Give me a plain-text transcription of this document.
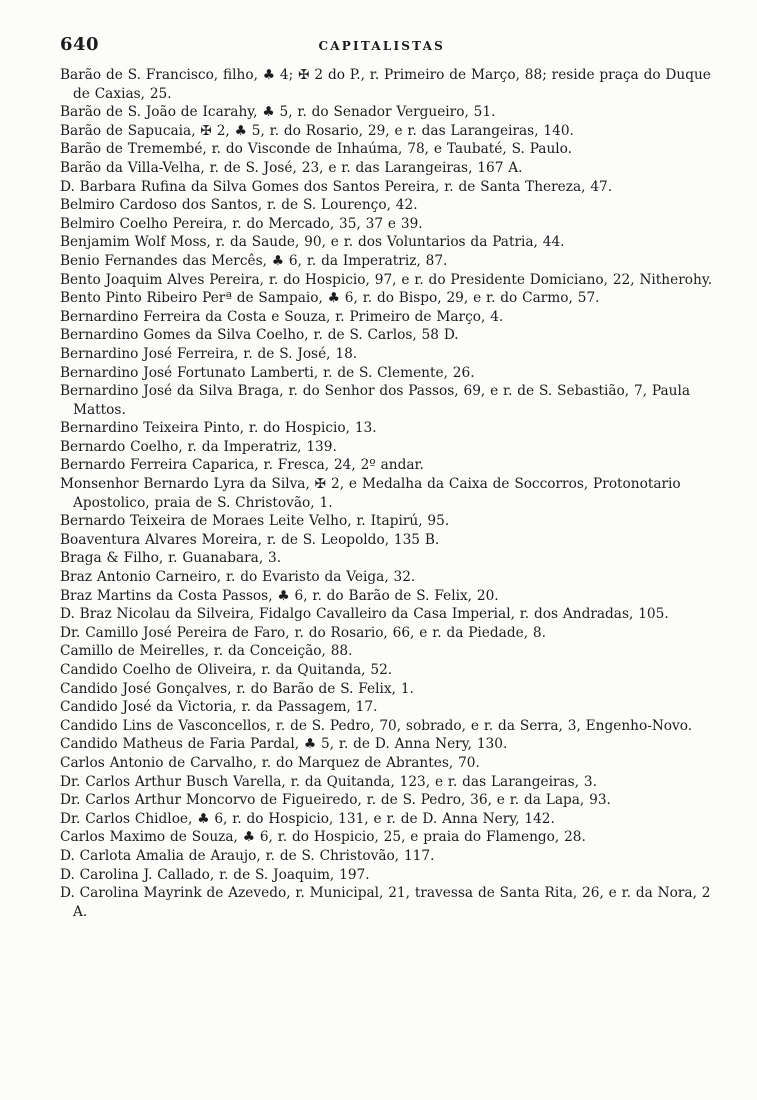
640	CAPITALISTAS
Barão de S. Francisco, filho, ♣ 4; ✠ 2 do P., r. Primeiro de Março, 88; reside praça do Duque de Caxias, 25.
Barão de S. João de Icarahy, ♣ 5, r. do Senador Vergueiro, 51.
Barão de Sapucaia, ✠ 2, ♣ 5, r. do Rosario, 29, e r. das Larangeiras, 140.
Barão de Tremembé, r. do Visconde de Inhaúma, 78, e Taubaté, S. Paulo.
Barão da Villa-Velha, r. de S. José, 23, e r. das Larangeiras, 167 A.
D. Barbara Rufina da Silva Gomes dos Santos Pereira, r. de Santa Thereza, 47.
Belmiro Cardoso dos Santos, r. de S. Lourenço, 42.
Belmiro Coelho Pereira, r. do Mercado, 35, 37 e 39.
Benjamim Wolf Moss, r. da Saude, 90, e r. dos Voluntarios da Patria, 44.
Benio Fernandes das Mercês, ♣ 6, r. da Imperatriz, 87.
Bento Joaquim Alves Pereira, r. do Hospicio, 97, e r. do Presidente Domiciano, 22, Nitherohy.
Bento Pinto Ribeiro Perª de Sampaio, ♣ 6, r. do Bispo, 29, e r. do Carmo, 57.
Bernardino Ferreira da Costa e Souza, r. Primeiro de Março, 4.
Bernardino Gomes da Silva Coelho, r. de S. Carlos, 58 D.
Bernardino José Ferreira, r. de S. José, 18.
Bernardino José Fortunato Lamberti, r. de S. Clemente, 26.
Bernardino José da Silva Braga, r. do Senhor dos Passos, 69, e r. de S. Sebastião, 7, Paula Mattos.
Bernardino Teixeira Pinto, r. do Hospicio, 13.
Bernardo Coelho, r. da Imperatriz, 139.
Bernardo Ferreira Caparica, r. Fresca, 24, 2º andar.
Monsenhor Bernardo Lyra da Silva, ✠ 2, e Medalha da Caixa de Soccorros, Protonotario Apostolico, praia de S. Christovão, 1.
Bernardo Teixeira de Moraes Leite Velho, r. Itapirú, 95.
Boaventura Alvares Moreira, r. de S. Leopoldo, 135 B.
Braga & Filho, r. Guanabara, 3.
Braz Antonio Carneiro, r. do Evaristo da Veiga, 32.
Braz Martins da Costa Passos, ♣ 6, r. do Barão de S. Felix, 20.
D. Braz Nicolau da Silveira, Fidalgo Cavalleiro da Casa Imperial, r. dos Andradas, 105.
Dr. Camillo José Pereira de Faro, r. do Rosario, 66, e r. da Piedade, 8.
Camillo de Meirelles, r. da Conceição, 88.
Candido Coelho de Oliveira, r. da Quitanda, 52.
Candido José Gonçalves, r. do Barão de S. Felix, 1.
Candido José da Victoria, r. da Passagem, 17.
Candido Lins de Vasconcellos, r. de S. Pedro, 70, sobrado, e r. da Serra, 3, Engenho-Novo.
Candido Matheus de Faria Pardal, ♣ 5, r. de D. Anna Nery, 130.
Carlos Antonio de Carvalho, r. do Marquez de Abrantes, 70.
Dr. Carlos Arthur Busch Varella, r. da Quitanda, 123, e r. das Larangeiras, 3.
Dr. Carlos Arthur Moncorvo de Figueiredo, r. de S. Pedro, 36, e r. da Lapa, 93.
Dr. Carlos Chidloe, ♣ 6, r. do Hospicio, 131, e r. de D. Anna Nery, 142.
Carlos Maximo de Souza, ♣ 6, r. do Hospicio, 25, e praia do Flamengo, 28.
D. Carlota Amalia de Araujo, r. de S. Christovão, 117.
D. Carolina J. Callado, r. de S. Joaquim, 197.
D. Carolina Mayrink de Azevedo, r. Municipal, 21, travessa de Santa Rita, 26, e r. da Nora, 2 A.
